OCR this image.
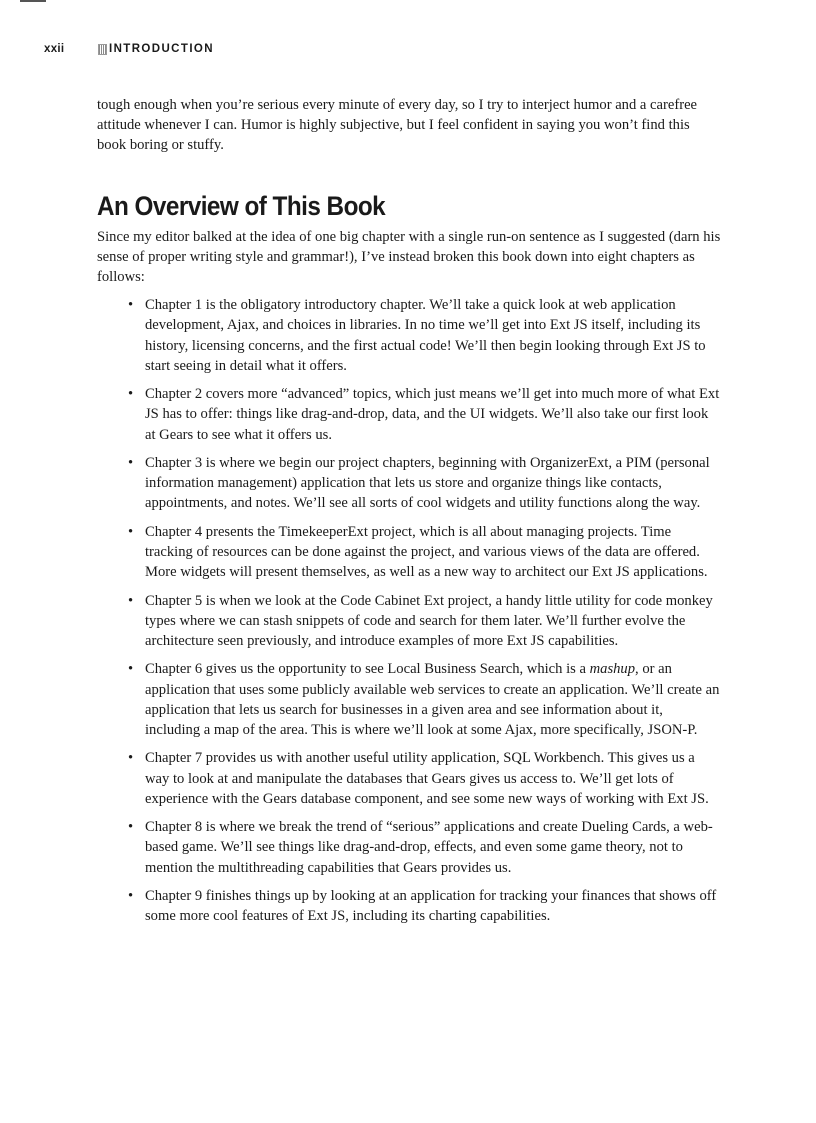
xxii	INTRODUCTION

tough enough when you’re serious every minute of every day, so I try to interject humor and a carefree attitude whenever I can. Humor is highly subjective, but I feel confident in saying you won’t find this book boring or stuffy.

An Overview of This Book

Since my editor balked at the idea of one big chapter with a single run-on sentence as I suggested (darn his sense of proper writing style and grammar!), I’ve instead broken this book down into eight chapters as follows:

• Chapter 1 is the obligatory introductory chapter. We’ll take a quick look at web application development, Ajax, and choices in libraries. In no time we’ll get into Ext JS itself, including its history, licensing concerns, and the first actual code! We’ll then begin looking through Ext JS to start seeing in detail what it offers.
• Chapter 2 covers more “advanced” topics, which just means we’ll get into much more of what Ext JS has to offer: things like drag-and-drop, data, and the UI widgets. We’ll also take our first look at Gears to see what it offers us.
• Chapter 3 is where we begin our project chapters, beginning with OrganizerExt, a PIM (personal information management) application that lets us store and organize things like contacts, appointments, and notes. We’ll see all sorts of cool widgets and utility functions along the way.
• Chapter 4 presents the TimekeeperExt project, which is all about managing projects. Time tracking of resources can be done against the project, and various views of the data are offered. More widgets will present themselves, as well as a new way to architect our Ext JS applications.
• Chapter 5 is when we look at the Code Cabinet Ext project, a handy little utility for code monkey types where we can stash snippets of code and search for them later. We’ll further evolve the architecture seen previously, and introduce examples of more Ext JS capabilities.
• Chapter 6 gives us the opportunity to see Local Business Search, which is a mashup, or an application that uses some publicly available web services to create an application. We’ll create an application that lets us search for businesses in a given area and see information about it, including a map of the area. This is where we’ll look at some Ajax, more specifically, JSON-P.
• Chapter 7 provides us with another useful utility application, SQL Workbench. This gives us a way to look at and manipulate the databases that Gears gives us access to. We’ll get lots of experience with the Gears database component, and see some new ways of working with Ext JS.
• Chapter 8 is where we break the trend of “serious” applications and create Dueling Cards, a web-based game. We’ll see things like drag-and-drop, effects, and even some game theory, not to mention the multithreading capabilities that Gears provides us.
• Chapter 9 finishes things up by looking at an application for tracking your finances that shows off some more cool features of Ext JS, including its charting capabilities.
